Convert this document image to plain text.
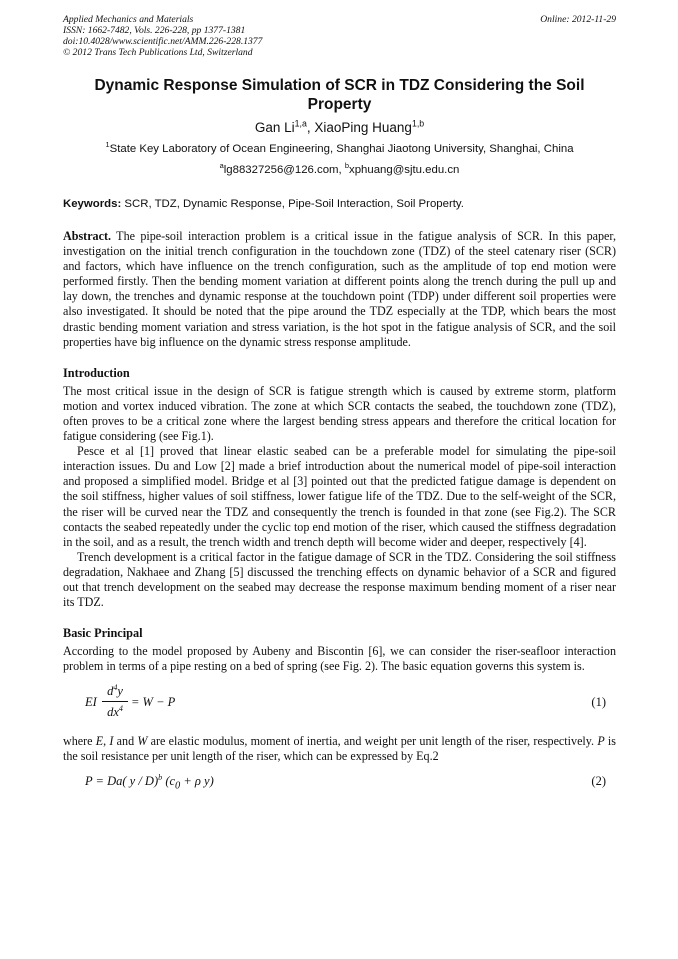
Applied Mechanics and Materials
ISSN: 1662-7482, Vols. 226-228, pp 1377-1381
doi:10.4028/www.scientific.net/AMM.226-228.1377
© 2012 Trans Tech Publications Ltd, Switzerland
Online: 2012-11-29
Dynamic Response Simulation of SCR in TDZ Considering the Soil Property
Gan Li$^{1,a}$, XiaoPing Huang$^{1,b}$
$^1$State Key Laboratory of Ocean Engineering, Shanghai Jiaotong University, Shanghai, China
$^a$lg88327256@126.com, $^b$xphuang@sjtu.edu.cn
Keywords: SCR, TDZ, Dynamic Response, Pipe-Soil Interaction, Soil Property.
Abstract. The pipe-soil interaction problem is a critical issue in the fatigue analysis of SCR. In this paper, investigation on the initial trench configuration in the touchdown zone (TDZ) of the steel catenary riser (SCR) and factors, which have influence on the trench configuration, such as the amplitude of top end motion were performed firstly. Then the bending moment variation at different points along the trench during the pull up and lay down, the trenches and dynamic response at the touchdown point (TDP) under different soil properties were also investigated. It should be noted that the pipe around the TDZ especially at the TDP, which bears the most drastic bending moment variation and stress variation, is the hot spot in the fatigue analysis of SCR, and the soil properties have big influence on the dynamic stress response amplitude.
Introduction

The most critical issue in the design of SCR is fatigue strength which is caused by extreme storm, platform motion and vortex induced vibration. The zone at which SCR contacts the seabed, the touchdown zone (TDZ), often proves to be a critical zone where the largest bending stress appears and therefore the critical location for fatigue considering (see Fig.1).

Pesce et al [1] proved that linear elastic seabed can be a preferable model for simulating the pipe-soil interaction issues. Du and Low [2] made a brief introduction about the numerical model of pipe-soil interaction and proposed a simplified model. Bridge et al [3] pointed out that the predicted fatigue damage is dependent on the soil stiffness, higher values of soil stiffness, lower fatigue life of the TDZ. Due to the self-weight of the SCR, the riser will be curved near the TDZ and consequently the trench is founded in that zone (see Fig.2). The SCR contacts the seabed repeatedly under the cyclic top end motion of the riser, which caused the stiffness degradation in the soil, and as a result, the trench width and trench depth will become wider and deeper, respectively [4].

Trench development is a critical factor in the fatigue damage of SCR in the TDZ. Considering the soil stiffness degradation, Nakhaee and Zhang [5] discussed the trenching effects on dynamic behavior of a SCR and figured out that trench development on the seabed may decrease the response maximum bending moment of a riser near its TDZ.

Basic Principal

According to the model proposed by Aubeny and Biscontin [6], we can consider the riser-seafloor interaction problem in terms of a pipe resting on a bed of spring (see Fig. 2). The basic equation governs this system is.

EI
$d^4y$
$dx^4 = W - P$	(1)

where E, I and W are elastic modulus, moment of inertia, and weight per unit length of the riser, respectively. P is the soil resistance per unit length of the riser, which can be expressed by Eq.2

P = Da( y / D)$^b$ ($c_0 + \rho$ y)	(2)
